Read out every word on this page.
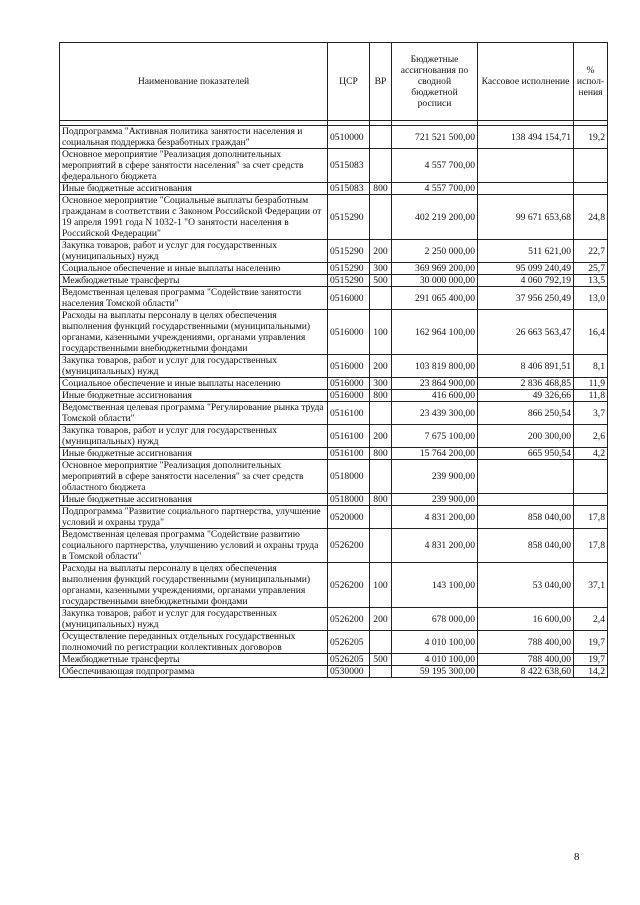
Наименование показателей	ЦСР	ВР	Бюджетные ассигнования по сводной бюджетной росписи	Кассовое исполнение	% испол-нения

Подпрограмма "Активная политика занятости населения и социальная поддержка безработных граждан"	0510000		721 521 500,00	138 494 154,71	19,2
Основное мероприятие "Реализация дополнительных мероприятий в сфере занятости населения" за счет средств федерального бюджета	0515083		4 557 700,00		
Иные бюджетные ассигнования	0515083	800	4 557 700,00		
Основное мероприятие "Социальные выплаты безработным гражданам в соответствии с Законом Российской Федерации от 19 апреля 1991 года N 1032-1 "О занятости населения в Российской Федерации"	0515290		402 219 200,00	99 671 653,68	24,8
Закупка товаров, работ и услуг для государственных (муниципальных) нужд	0515290	200	2 250 000,00	511 621,00	22,7
Социальное обеспечение и иные выплаты населению	0515290	300	369 969 200,00	95 099 240,49	25,7
Межбюджетные трансферты	0515290	500	30 000 000,00	4 060 792,19	13,5
Ведомственная целевая программа "Содействие занятости населения Томской области"	0516000		291 065 400,00	37 956 250,49	13,0
Расходы на выплаты персоналу в целях обеспечения выполнения функций государственными (муниципальными) органами, казенными учреждениями, органами управления государственными внебюджетными фондами	0516000	100	162 964 100,00	26 663 563,47	16,4
Закупка товаров, работ и услуг для государственных (муниципальных) нужд	0516000	200	103 819 800,00	8 406 891,51	8,1
Социальное обеспечение и иные выплаты населению	0516000	300	23 864 900,00	2 836 468,85	11,9
Иные бюджетные ассигнования	0516000	800	416 600,00	49 326,66	11,8
Ведомственная целевая программа "Регулирование рынка труда Томской области"	0516100		23 439 300,00	866 250,54	3,7
Закупка товаров, работ и услуг для государственных (муниципальных) нужд	0516100	200	7 675 100,00	200 300,00	2,6
Иные бюджетные ассигнования	0516100	800	15 764 200,00	665 950,54	4,2
Основное мероприятие "Реализация дополнительных мероприятий в сфере занятости населения" за счет средств областного бюджета	0518000		239 900,00		
Иные бюджетные ассигнования	0518000	800	239 900,00		
Подпрограмма "Развитие социального партнерства, улучшение условий и охраны труда"	0520000		4 831 200,00	858 040,00	17,8
Ведомственная целевая программа "Содействие развитию социального партнерства, улучшению условий и охраны труда в Томской области"	0526200		4 831 200,00	858 040,00	17,8
Расходы на выплаты персоналу в целях обеспечения выполнения функций государственными (муниципальными) органами, казенными учреждениями, органами управления государственными внебюджетными фондами	0526200	100	143 100,00	53 040,00	37,1
Закупка товаров, работ и услуг для государственных (муниципальных) нужд	0526200	200	678 000,00	16 600,00	2,4
Осуществление переданных отдельных государственных полномочий по регистрации коллективных договоров	0526205		4 010 100,00	788 400,00	19,7
Межбюджетные трансферты	0526205	500	4 010 100,00	788 400,00	19,7
Обеспечивающая подпрограмма	0530000		59 195 300,00	8 422 638,60	14,2
8
